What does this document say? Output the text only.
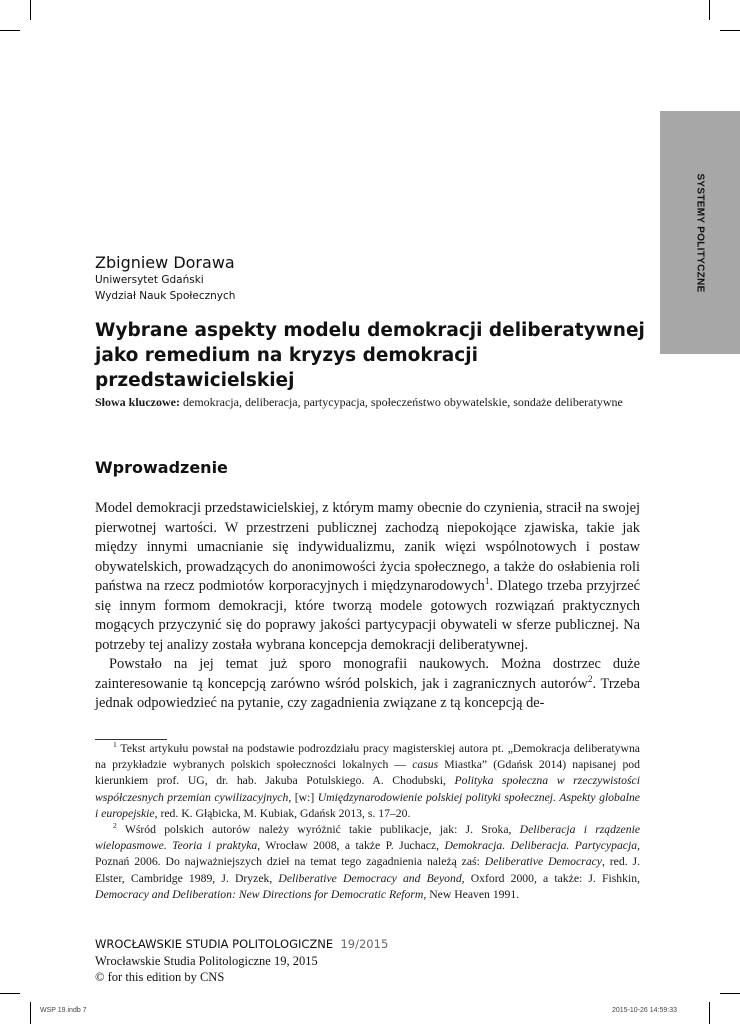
SYSTEMY POLITYCZNE
Zbigniew Dorawa
Uniwersytet Gdański
Wydział Nauk Społecznych
Wybrane aspekty modelu demokracji deliberatywnej jako remedium na kryzys demokracji przedstawicielskiej
Słowa kluczowe: demokracja, deliberacja, partycypacja, społeczeństwo obywatelskie, sondaże deliberatywne
Wprowadzenie

Model demokracji przedstawicielskiej, z którym mamy obecnie do czynienia, stracił na swojej pierwotnej wartości. W przestrzeni publicznej zachodzą niepokojące zjawiska, takie jak między innymi umacnianie się indywidualizmu, zanik więzi wspólnotowych i postaw obywatelskich, prowadzących do anonimowości życia społecznego, a także do osłabienia roli państwa na rzecz podmiotów korporacyjnych i międzynarodowych$^1$. Dlatego trzeba przyjrzeć się innym formom demokracji, które tworzą modele gotowych rozwiązań praktycznych mogących przyczynić się do poprawy jakości partycypacji obywateli w sferze publicznej. Na potrzeby tej analizy została wybrana koncepcja demokracji deliberatywnej.

Powstało na jej temat już sporo monografii naukowych. Można dostrzec duże zainteresowanie tą koncepcją zarówno wśród polskich, jak i zagranicznych autorów$^2$. Trzeba jednak odpowiedzieć na pytanie, czy zagadnienia związane z tą koncepcją de-

$^1$ Tekst artykułu powstał na podstawie podrozdziału pracy magisterskiej autora pt. „Demokracja deliberatywna na przykładzie wybranych polskich społeczności lokalnych — casus Miastka” (Gdańsk 2014) napisanej pod kierunkiem prof. UG, dr. hab. Jakuba Potulskiego. A. Chodubski, Polityka społeczna w rzeczywistości współczesnych przemian cywilizacyjnych, [w:] Umiędzynarodowienie polskiej polityki społecznej. Aspekty globalne i europejskie, red. K. Głąbicka, M. Kubiak, Gdańsk 2013, s. 17–20.

$^2$ Wśród polskich autorów należy wyróżnić takie publikacje, jak: J. Sroka, Deliberacja i rządzenie wielopasmowe. Teoria i praktyka, Wrocław 2008, a także P. Juchacz, Demokracja. Deliberacja. Partycypacja, Poznań 2006. Do najważniejszych dzieł na temat tego zagadnienia należą zaś: Deliberative Democracy, red. J. Elster, Cambridge 1989, J. Dryzek, Deliberative Democracy and Beyond, Oxford 2000, a także: J. Fishkin, Democracy and Deliberation: New Directions for Democratic Reform, New Heaven 1991.

WROCŁAWSKIE STUDIA POLITOLOGICZNE 19/2015
Wrocławskie Studia Politologiczne 19, 2015
© for this edition by CNS
WSP 19.indb 7	2015-10-26 14:59:33
